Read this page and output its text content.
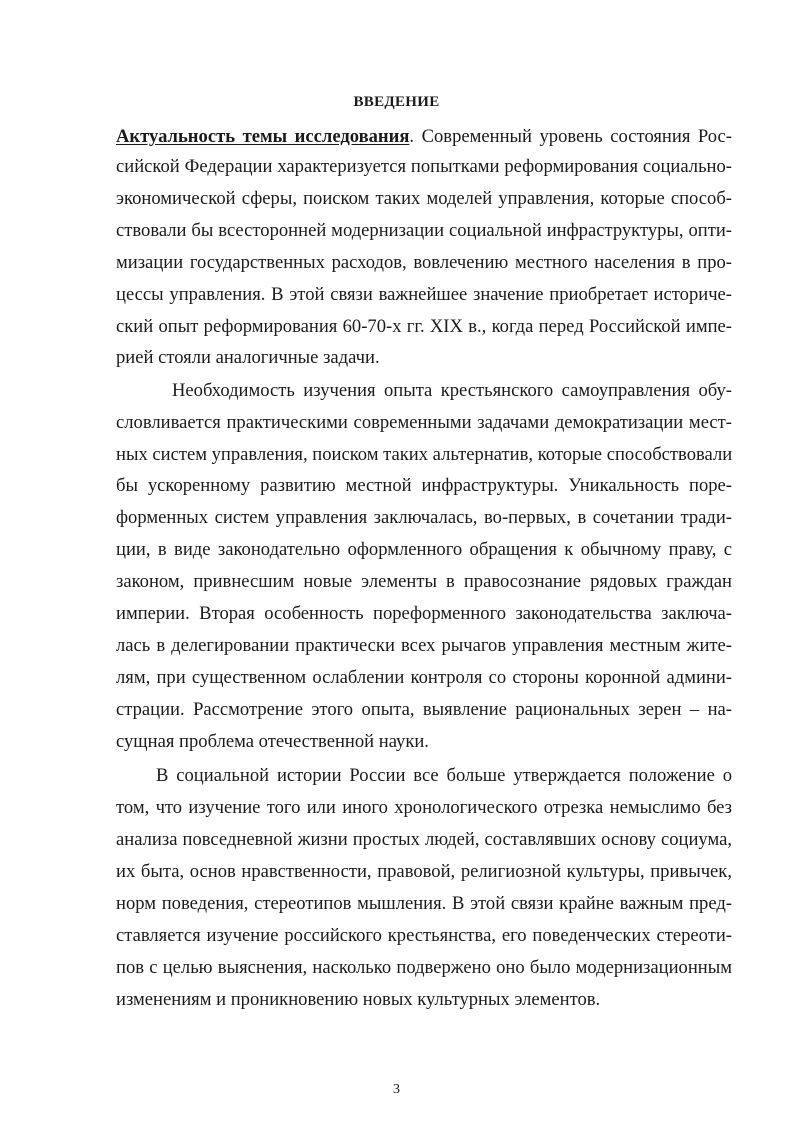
ВВЕДЕНИЕ
Актуальность темы исследования. Современный уровень состояния Рос-
сийской Федерации характеризуется попытками реформирования социально-
экономической сферы, поиском таких моделей управления, которые способ-
ствовали бы всесторонней модернизации социальной инфраструктуры, опти-
мизации государственных расходов, вовлечению местного населения в про-
цессы управления. В этой связи важнейшее значение приобретает историче-
ский опыт реформирования 60-70-х гг. XIX в., когда перед Российской импе-
рией стояли аналогичные задачи.
Необходимость изучения опыта крестьянского самоуправления обу-
словливается практическими современными задачами демократизации мест-
ных систем управления, поиском таких альтернатив, которые способствовали
бы ускоренному развитию местной инфраструктуры. Уникальность поре-
форменных систем управления заключалась, во-первых, в сочетании тради-
ции, в виде законодательно оформленного обращения к обычному праву, с
законом, привнесшим новые элементы в правосознание рядовых граждан
империи. Вторая особенность пореформенного законодательства заключа-
лась в делегировании практически всех рычагов управления местным жите-
лям, при существенном ослаблении контроля со стороны коронной админи-
страции. Рассмотрение этого опыта, выявление рациональных зерен – на-
сущная проблема отечественной науки.
В социальной истории России все больше утверждается положение о
том, что изучение того или иного хронологического отрезка немыслимо без
анализа повседневной жизни простых людей, составлявших основу социума,
их быта, основ нравственности, правовой, религиозной культуры, привычек,
норм поведения, стереотипов мышления. В этой связи крайне важным пред-
ставляется изучение российского крестьянства, его поведенческих стереоти-
пов с целью выяснения, насколько подвержено оно было модернизационным
изменениям и проникновению новых культурных элементов.
3
